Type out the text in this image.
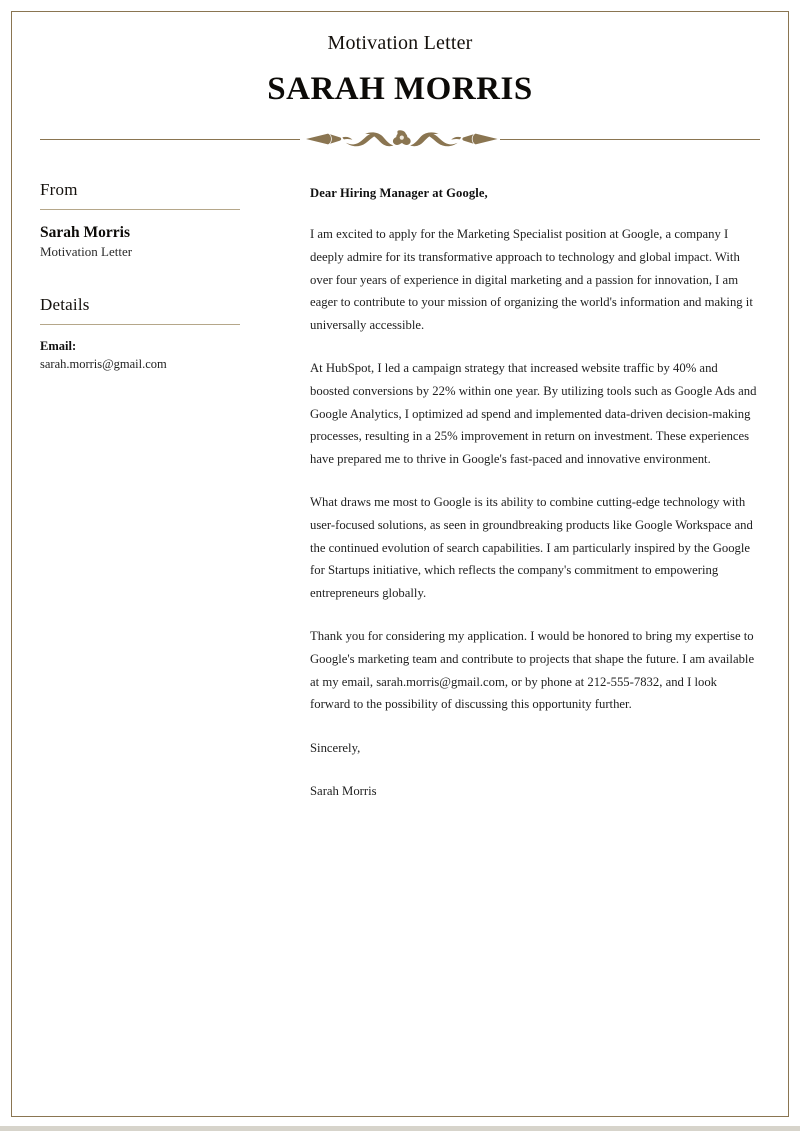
Motivation Letter

SARAH MORRIS
From

Sarah Morris

Motivation Letter

Details

Email:

sarah.morris@gmail.com

Dear Hiring Manager at Google,

I am excited to apply for the Marketing Specialist position at Google, a company I deeply admire for its transformative approach to technology and global impact. With over four years of experience in digital marketing and a passion for innovation, I am eager to contribute to your mission of organizing the world's information and making it universally accessible.

At HubSpot, I led a campaign strategy that increased website traffic by 40% and boosted conversions by 22% within one year. By utilizing tools such as Google Ads and Google Analytics, I optimized ad spend and implemented data-driven decision-making processes, resulting in a 25% improvement in return on investment. These experiences have prepared me to thrive in Google's fast-paced and innovative environment.

What draws me most to Google is its ability to combine cutting-edge technology with user-focused solutions, as seen in groundbreaking products like Google Workspace and the continued evolution of search capabilities. I am particularly inspired by the Google for Startups initiative, which reflects the company's commitment to empowering entrepreneurs globally.

Thank you for considering my application. I would be honored to bring my expertise to Google's marketing team and contribute to projects that shape the future. I am available at my email, sarah.morris@gmail.com, or by phone at 212-555-7832, and I look forward to the possibility of discussing this opportunity further.

Sincerely,

Sarah Morris
